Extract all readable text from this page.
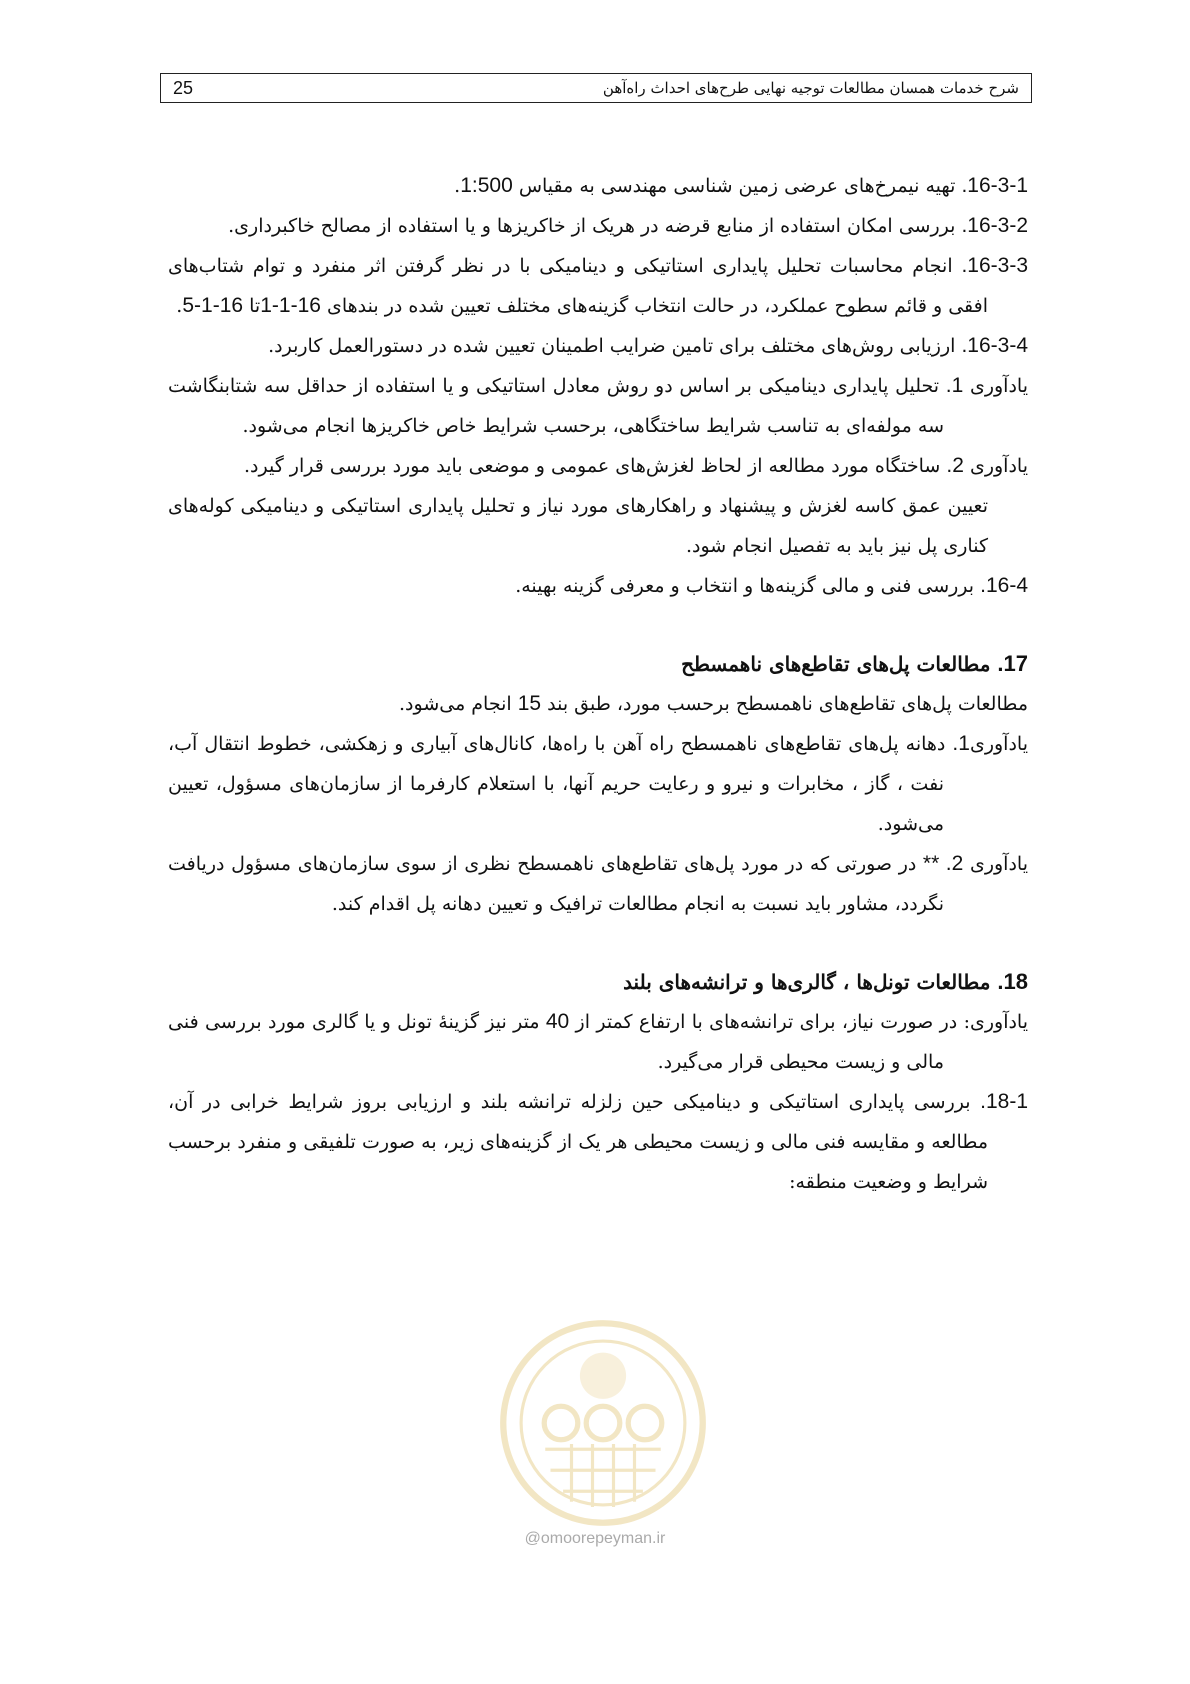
25	شرح خدمات همسان مطالعات توجیه نهایی طرح‌های احداث راه‌آهن

16-3-1. تهیه نیمرخ‌های عرضی زمین شناسی مهندسی به مقیاس 1:500.

16-3-2. بررسی امکان استفاده از منابع قرضه در هریک از خاکریزها و یا استفاده از مصالح خاکبرداری.

16-3-3. انجام محاسبات تحلیل پایداری استاتیکی و دینامیکی با در نظر گرفتن اثر منفرد و توام شتاب‌های افقی و قائم سطوح عملکرد، در حالت انتخاب گزینه‌های مختلف تعیین شده در بندهای 16-1-1تا 16-1-5.

16-3-4. ارزیابی روش‌های مختلف برای تامین ضرایب اطمینان تعیین شده در دستورالعمل کاربرد.

یادآوری 1. تحلیل پایداری دینامیکی بر اساس دو روش معادل استاتیکی و یا استفاده از حداقل سه شتابنگاشت سه مولفه‌ای به تناسب شرایط ساختگاهی، برحسب شرایط خاص خاکریزها انجام می‌شود.

یادآوری 2. ساختگاه مورد مطالعه از لحاظ لغزش‌های عمومی و موضعی باید مورد بررسی قرار گیرد.

تعیین عمق کاسه لغزش و پیشنهاد و راهکارهای مورد نیاز و تحلیل پایداری استاتیکی و دینامیکی کوله‌های کناری پل نیز باید به تفصیل انجام شود.

16-4. بررسی فنی و مالی گزینه‌ها و انتخاب و معرفی گزینه بهینه.

17. مطالعات پل‌های تقاطع‌های ناهمسطح

مطالعات پل‌های تقاطع‌های ناهمسطح برحسب مورد، طبق بند 15 انجام می‌شود.

یادآوری1. دهانه پل‌های تقاطع‌های ناهمسطح راه آهن با راه‌ها، کانال‌های آبیاری و زهکشی، خطوط انتقال آب، نفت ، گاز ، مخابرات و نیرو و رعایت حریم آنها، با استعلام کارفرما از سازمان‌های مسؤول، تعیین می‌شود.

یادآوری 2. ** در صورتی که در مورد پل‌های تقاطع‌های ناهمسطح نظری از سوی سازمان‌های مسؤول دریافت نگردد، مشاور باید نسبت به انجام مطالعات ترافیک و تعیین دهانه پل اقدام کند.

18. مطالعات تونل‌ها ، گالری‌ها و ترانشه‌های بلند

یادآوری: در صورت نیاز، برای ترانشه‌های با ارتفاع کمتر از 40 متر نیز گزینهٔ تونل و یا گالری مورد بررسی فنی مالی و زیست محیطی قرار می‌گیرد.

18-1. بررسی پایداری استاتیکی و دینامیکی حین زلزله ترانشه بلند و ارزیابی بروز شرایط خرابی در آن، مطالعه و مقایسه فنی مالی و زیست محیطی هر یک از گزینه‌های زیر، به صورت تلفیقی و منفرد برحسب شرایط و وضعیت منطقه:

@omoorepeyman.ir
